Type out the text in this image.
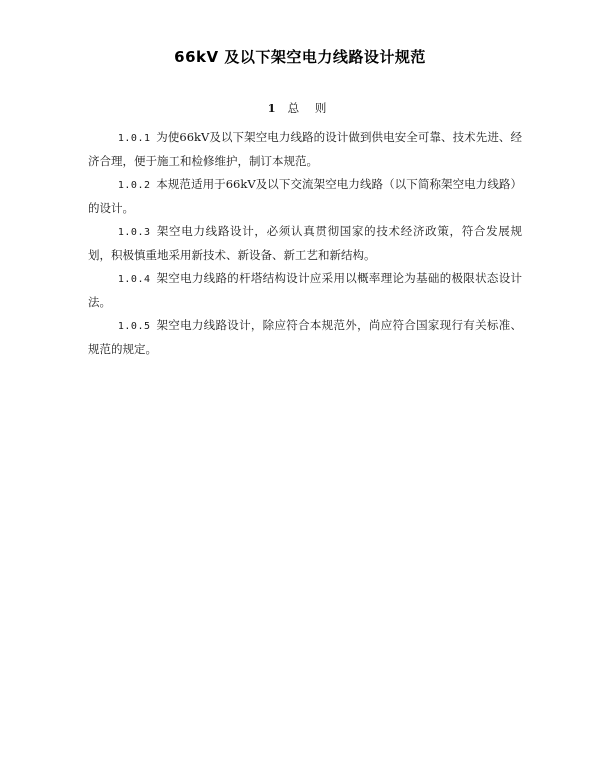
66kV 及以下架空电力线路设计规范
1 总 则

1.0.1 为使66kV及以下架空电力线路的设计做到供电安全可靠、技术先进、经济合理，便于施工和检修维护，制订本规范。

1.0.2 本规范适用于66kV及以下交流架空电力线路（以下简称架空电力线路）的设计。

1.0.3 架空电力线路设计，必须认真贯彻国家的技术经济政策，符合发展规划，积极慎重地采用新技术、新设备、新工艺和新结构。

1.0.4 架空电力线路的杆塔结构设计应采用以概率理论为基础的极限状态设计法。

1.0.5 架空电力线路设计，除应符合本规范外，尚应符合国家现行有关标准、规范的规定。
